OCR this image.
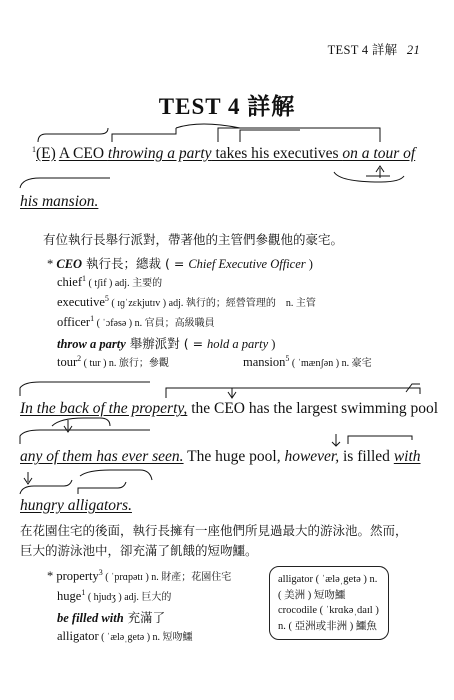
TEST 4 詳解 21
TEST 4 詳解
$^1$(E) A CEO throwing a party takes his executives on a tour of
his mansion.
有位執行長舉行派對，帶著他的主管們參觀他的豪宅。
* CEO 執行長；總裁 ( = Chief Executive Officer )
chief$^1$ ( tʃif ) adj. 主要的
executive$^5$ ( ɪɡˈzɛkjutɪv ) adj. 執行的；經營管理的　n. 主管
officer$^1$ ( ˈɔfəsə ) n. 官員；高級職員
throw a party 舉辦派對 ( = hold a party )
tour$^2$ ( tur ) n. 旅行；參觀	mansion$^5$ ( ˈmænʃən ) n. 豪宅
In the back of the property, the CEO has the largest swimming pool
any of them has ever seen. The huge pool, however, is filled with
hungry alligators.
在花園住宅的後面，執行長擁有一座他們所見過最大的游泳池。然而，
巨大的游泳池中，卻充滿了飢餓的短吻鱷。
* property$^3$ ( ˈprɑpətɪ ) n. 財產；花園住宅
huge$^1$ ( hjudʒ ) adj. 巨大的
be filled with 充滿了
alligator ( ˈæləˌgetə ) n. 短吻鱷
alligator ( ˈæləˌgetə ) n.
( 美洲 ) 短吻鱷
crocodile ( ˈkrɑkəˌdaɪl )
n. ( 亞洲或非洲 ) 鱷魚
